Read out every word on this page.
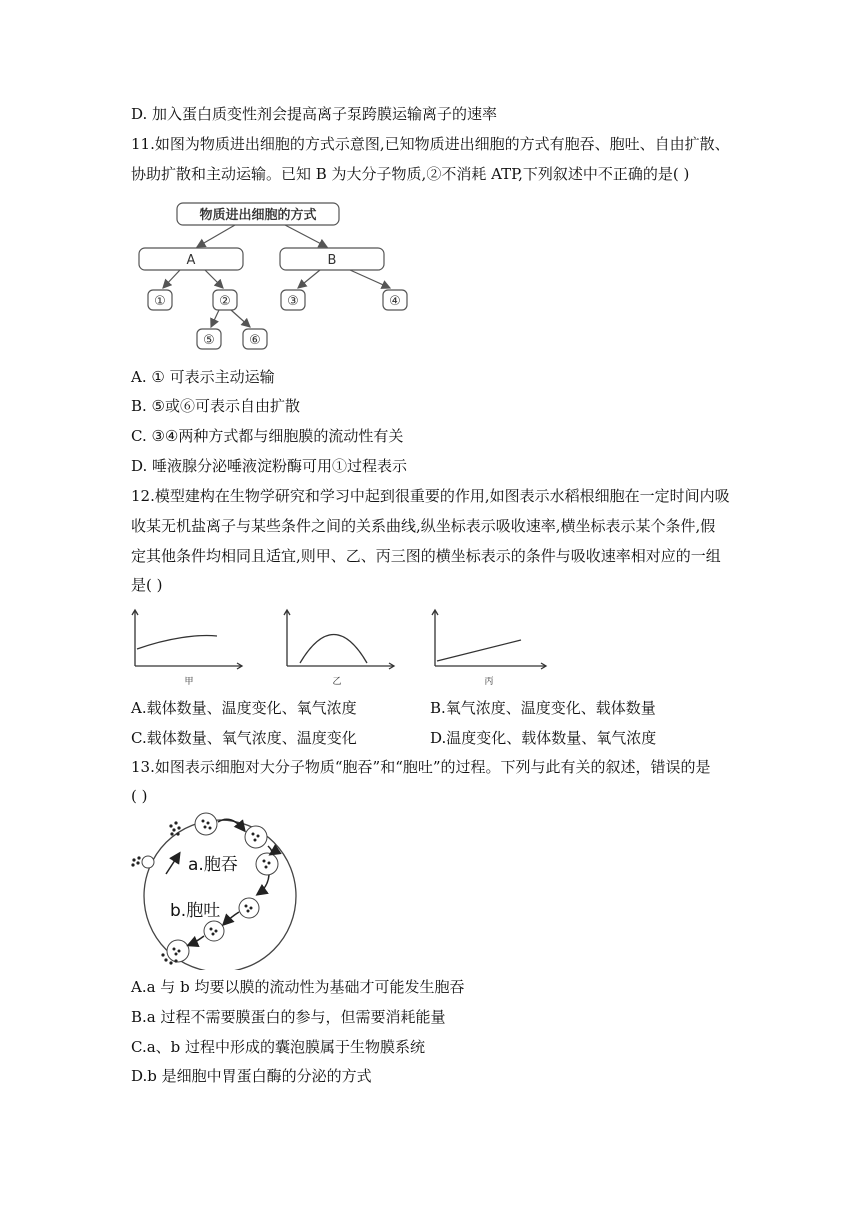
D. 加入蛋白质变性剂会提高离子泵跨膜运输离子的速率
11.如图为物质进出细胞的方式示意图,已知物质进出细胞的方式有胞吞、胞吐、自由扩散、
协助扩散和主动运输。已知 B 为大分子物质,②不消耗 ATP,下列叙述中不正确的是( )
物质进出细胞的方式
A	B
①	②	③	④
⑤	⑥
A. ① 可表示主动运输
B. ⑤或⑥可表示自由扩散
C. ③④两种方式都与细胞膜的流动性有关
D. 唾液腺分泌唾液淀粉酶可用①过程表示
12.模型建构在生物学研究和学习中起到很重要的作用,如图表示水稻根细胞在一定时间内吸
收某无机盐离子与某些条件之间的关系曲线,纵坐标表示吸收速率,横坐标表示某个条件,假
定其他条件均相同且适宜,则甲、乙、丙三图的横坐标表示的条件与吸收速率相对应的一组
是( )
甲	乙	丙
A.载体数量、温度变化、氧气浓度	B.氧气浓度、温度变化、载体数量
C.载体数量、氧气浓度、温度变化	D.温度变化、载体数量、氧气浓度
13.如图表示细胞对大分子物质“胞吞”和“胞吐”的过程。下列与此有关的叙述，错误的是
( )
a.胞吞
b.胞吐
A.a 与 b 均要以膜的流动性为基础才可能发生胞吞
B.a 过程不需要膜蛋白的参与，但需要消耗能量
C.a、b 过程中形成的囊泡膜属于生物膜系统
D.b 是细胞中胃蛋白酶的分泌的方式
